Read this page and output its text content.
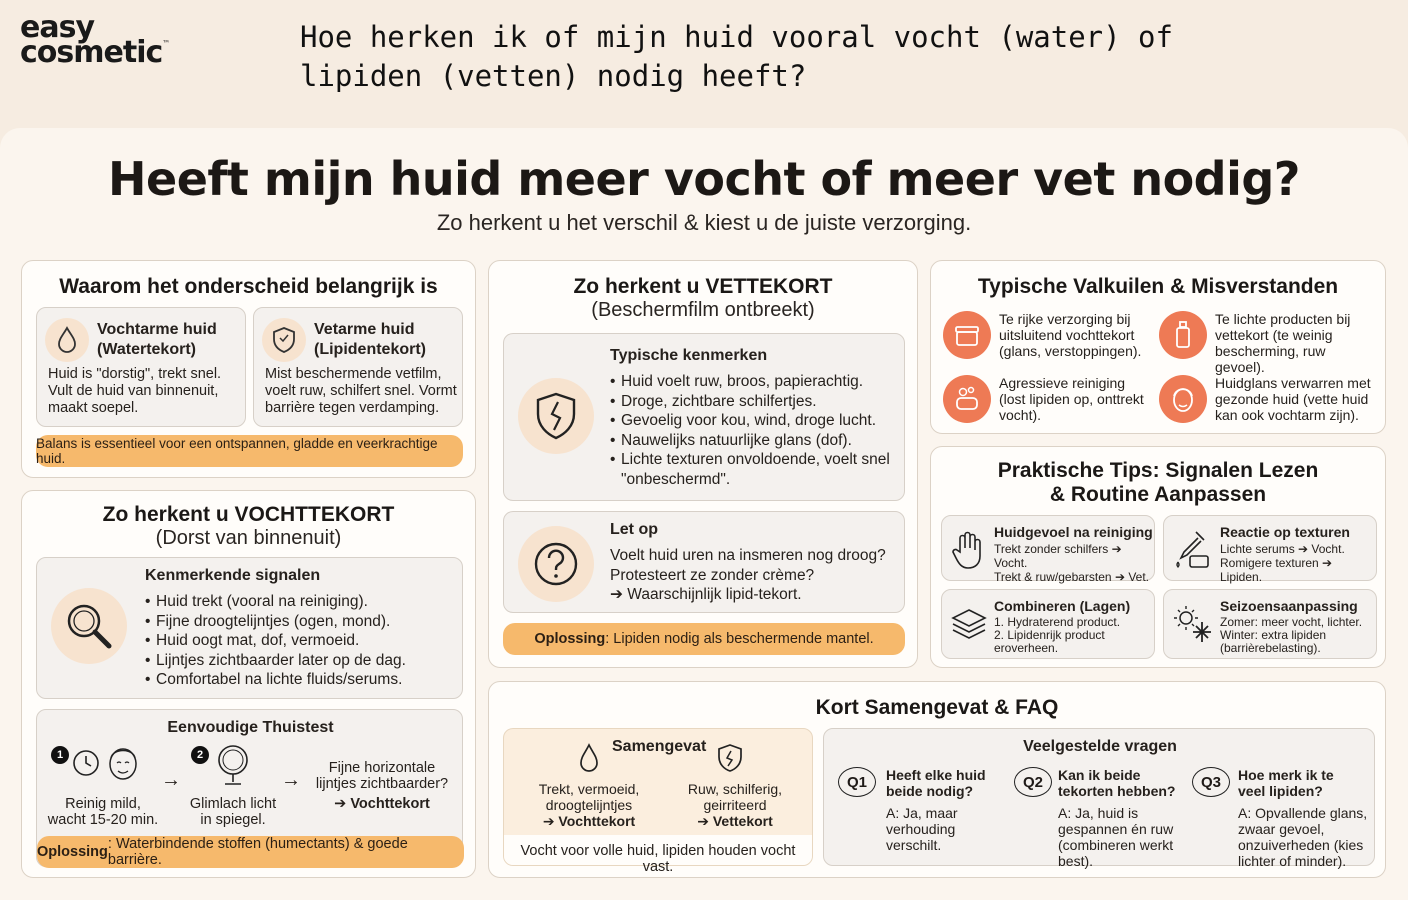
easy
cosmetic™	Hoe herken ik of mijn huid vooral vocht (water) of lipiden (vetten) nodig heeft?
Heeft mijn huid meer vocht of meer vet nodig?
Zo herkent u het verschil & kiest u de juiste verzorging.
Waarom het onderscheid belangrijk is
Vochtarme huid
(Watertekort)
Huid is "dorstig", trekt snel. Vult de huid van binnenuit, maakt soepel.
Vetarme huid
(Lipidentekort)
Mist beschermende vetfilm, voelt ruw, schilfert snel. Vormt barrière tegen verdamping.
Balans is essentieel voor een ontspannen, gladde en veerkrachtige huid.
Zo herkent u VOCHTTEKORT
(Dorst van binnenuit)
Kenmerkende signalen
• Huid trekt (vooral na reiniging).
• Fijne droogtelijntjes (ogen, mond).
• Huid oogt mat, dof, vermoeid.
• Lijntjes zichtbaarder later op de dag.
• Comfortabel na lichte fluids/serums.
Eenvoudige Thuistest
1
Reinig mild, wacht 15-20 min.
→
2
Glimlach licht in spiegel.
→
Fijne horizontale lijntjes zichtbaarder?
➔ Vochttekort
Oplossing : Waterbindende stoffen (humectants) & goede barrière.
Zo herkent u VETTEKORT
(Beschermfilm ontbreekt)
Typische kenmerken
• Huid voelt ruw, broos, papierachtig.
• Droge, zichtbare schilfertjes.
• Gevoelig voor kou, wind, droge lucht.
• Nauwelijks natuurlijke glans (dof).
• Lichte texturen onvoldoende, voelt snel "onbeschermd".
Let op
Voelt huid uren na insmeren nog droog?
Protesteert ze zonder crème?
➔ Waarschijnlijk lipid-tekort.
Oplossing : Lipiden nodig als beschermende mantel.
Typische Valkuilen & Misverstanden
Te rijke verzorging bij uitsluitend vochttekort (glans, verstoppingen).
Te lichte producten bij vettekort (te weinig bescherming, ruw gevoel).
Agressieve reiniging (lost lipiden op, onttrekt vocht).
Huidglans verwarren met gezonde huid (vette huid kan ook vochtarm zijn).
Praktische Tips: Signalen Lezen
& Routine Aanpassen
Huidgevoel na reiniging
Trekt zonder schilfers ➔ Vocht.
Trekt & ruw/gebarsten ➔ Vet.
Reactie op texturen
Lichte serums ➔ Vocht.
Romigere texturen ➔ Lipiden.
Combineren (Lagen)
1. Hydraterend product.
2. Lipidenrijk product eroverheen.
Seizoensaanpassing
Zomer: meer vocht, lichter.
Winter: extra lipiden (barrièrebelasting).
Kort Samengevat & FAQ
Samengevat
Trekt, vermoeid, droogtelijntjes
➔ Vochttekort
Ruw, schilferig, geirriteerd
➔ Vettekort
Vocht voor volle huid, lipiden houden vocht vast.
Veelgestelde vragen
Q1 Heeft elke huid beide nodig?
A: Ja, maar verhouding verschilt.
Q2 Kan ik beide tekorten hebben?
A: Ja, huid is gespannen én ruw (combineren werkt best).
Q3 Hoe merk ik te veel lipiden?
A: Opvallende glans, zwaar gevoel, onzuiverheden (kies lichter of minder).
